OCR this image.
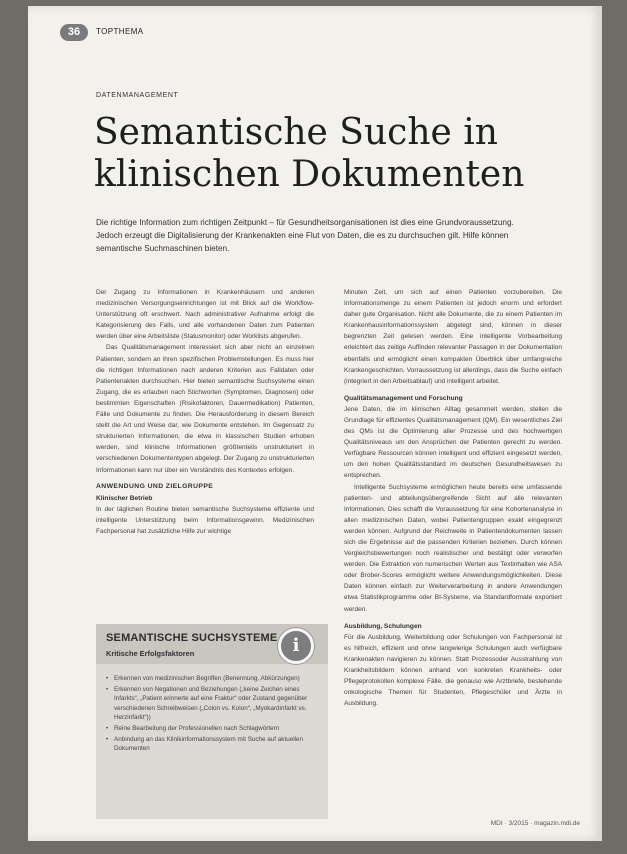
36	TOPTHEMA
DATENMANAGEMENT
Semantische Suche in klinischen Dokumenten
Die richtige Information zum richtigen Zeitpunkt – für Gesundheitsorganisationen ist dies eine Grundvoraussetzung. Jedoch erzeugt die Digitalisierung der Krankenakten eine Flut von Daten, die es zu durchsuchen gilt. Hilfe können semantische Suchmaschinen bieten.

Der Zugang zu Informationen in Krankenhäusern und anderen medizinischen Versorgungseinrichtungen ist mit Blick auf die Workflow-Unterstützung oft erschwert. Nach administrativer Aufnahme erfolgt die Kategorisierung des Falls, und alle vorhandenen Daten zum Patienten werden über eine Arbeitsliste (Statusmonitor) oder Worklists abgerufen.

Das Qualitätsmanagement interessiert sich aber nicht an einzelnen Patienten, sondern an ihren spezifischen Problemstellungen. Es muss hier die richtigen Informationen nach anderen Kriterien aus Falldaten oder Patientenakten durchsuchen. Hier bieten semantische Suchsysteme einen Zugang, die es erlauben nach Stichworten (Symptomen, Diagnosen) oder bestimmten Eigenschaften (Risikofaktoren, Dauermedikation) Patienten, Fälle und Dokumente zu finden. Die Herausforderung in diesem Bereich stellt die Art und Weise dar, wie Dokumente entstehen. Im Gegensatz zu strukturierten Informationen, die etwa in klassischen Studien erhoben werden, sind klinische Informationen größtenteils unstrukturiert in verschiedenen Dokumententypen abgelegt. Der Zugang zu unstrukturierten Informationen kann nur über ein Verständnis des Kontextes erfolgen.

ANWENDUNG UND ZIELGRUPPE
Klinischer Betrieb

In der täglichen Routine bieten semantische Suchsysteme effiziente und intelligente Unterstützung beim Informationsgewinn. Medizinischen Fachpersonal hat zusätzliche Hilfe zur wichtige

SEMANTISCHE SUCHSYSTEME
Kritische Erfolgsfaktoren	i
• Erkennen von medizinischen Begriffen (Benennung, Abkürzungen)
• Erkennen von Negationen und Beziehungen („keine Zeichen eines Infarkts“, „Patient erinnerte auf eine Fraktur“ oder Zustand gegenüber verschiedenen Schreibweisen („Colon vs. Kolon“, „Myokardinfarkt vs. Herzinfarkt“))
• Reine Bearbeitung der Professionellen nach Schlagwörtern
• Anbindung an das Klinikinformationssystem mit Suche auf aktuellen Dokumenten

Minuten Zeit, um sich auf einen Patienten vorzubereiten. Die Informationsmenge zu einem Patienten ist jedoch enorm und erfordert daher gute Organisation. Nicht alle Dokumente, die zu einem Patienten im Krankenhausinformationssystem abgelegt sind, können in dieser begrenzten Zeit gelesen werden. Eine intelligente Vorbearbeitung erleichtert das zeitige Auffinden relevanter Passagen in der Dokumentation ebenfalls und ermöglicht einen kompakten Überblick über umfangreiche Krankengeschichten. Vorraussetzung ist allerdings, dass die Suche einfach (integriert in den Arbeitsablauf) und intelligent arbeitet.

Qualitätsmanagement und Forschung

Jene Daten, die im klinischen Alltag gesammelt werden, stellen die Grundlage für effizientes Qualitätsmanagement (QM). Ein wesentliches Ziel des QMs ist die Optimierung aller Prozesse und des hochwertigen Qualitätsniveaus um den Ansprüchen der Patienten gerecht zu werden. Verfügbare Ressourcen können intelligent und effizient eingesetzt werden, um den hohen Qualitätsstandard im deutschen Gesundheitswesen zu entsprechen.

Intelligente Suchsysteme ermöglichen heute bereits eine umfassende patienten- und abteilungsübergreifende Sicht auf alle relevanten Informationen. Dies schafft die Voraussetzung für eine Kohortenanalyse in allen medizinischen Daten, wobei Patientengruppen exakt eingegrenzt werden können. Aufgrund der Reichweite in Patientendokumenten lassen sich die Ergebnisse auf die passenden Kriterien beziehen. Durch können Vergleichsbewertungen noch realistischer und bestätigt oder verworfen werden. Die Extraktion von numerischen Werten aus Textinhalten wie ASA oder Brober-Scores ermöglicht weitere Anwendungsmöglichkeiten. Diese Daten können einfach zur Weiterverarbeitung in andere Anwendungen etwa Statistikprogramme oder BI-Systeme, via Standardformate exportiert werden.

Ausbildung, Schulungen

Für die Ausbildung, Weiterbildung oder Schulungen von Fachpersonal ist es hilfreich, effizient und ohne langwierige Schulungen auch verfügbare Krankenakten navigieren zu können. Statt Prozessoder Ausstrahlung von Krankheitsbildern können anhand von konkreten Krankheits- oder Pflegeprotokollen komplexe Fälle, die genauso wie Arztbriefe, bestehende onkologische Themen für Studenten, Pflegeschüler und Ärzte in Ausbildung.

MDI · 3/2015 · magazin.mdi.de
